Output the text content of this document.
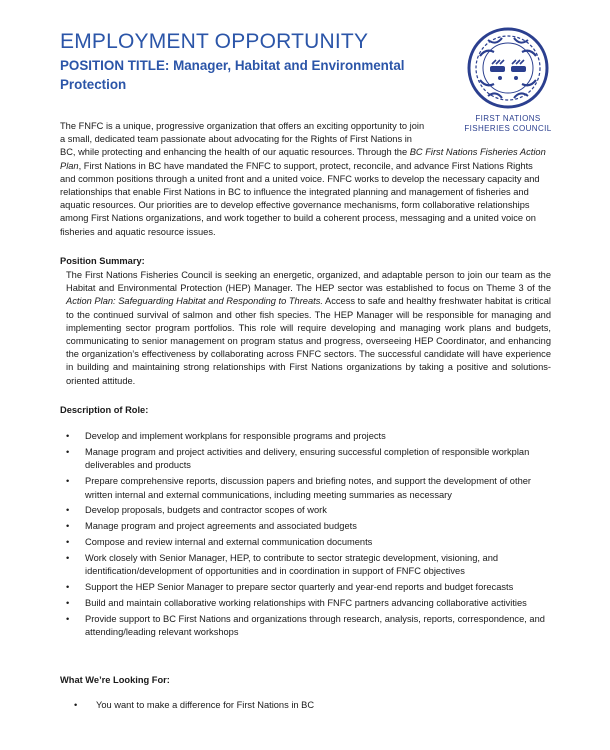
EMPLOYMENT OPPORTUNITY
POSITION TITLE: Manager, Habitat and Environmental Protection
FIRST NATIONS
FISHERIES COUNCIL
The FNFC is a unique, progressive organization that offers an exciting opportunity to join
a small, dedicated team passionate about advocating for the Rights of First Nations in
BC, while protecting and enhancing the health of our aquatic resources. Through the BC First Nations Fisheries Action Plan, First Nations in BC have mandated the FNFC to support, protect, reconcile, and advance First Nations Rights and common positions through a united front and a united voice. FNFC works to develop the necessary capacity and relationships that enable First Nations in BC to influence the integrated planning and management of fisheries and aquatic resources. Our priorities are to develop effective governance mechanisms, form collaborative relationships among First Nations organizations, and work together to build a coherent process, messaging and a united voice on fisheries and aquatic resource issues.
Position Summary:
The First Nations Fisheries Council is seeking an energetic, organized, and adaptable person to join our team as the Habitat and Environmental Protection (HEP) Manager. The HEP sector was established to focus on Theme 3 of the Action Plan: Safeguarding Habitat and Responding to Threats. Access to safe and healthy freshwater habitat is critical to the continued survival of salmon and other fish species. The HEP Manager will be responsible for managing and implementing sector program portfolios. This role will require developing and managing work plans and budgets, communicating to senior management on program status and progress, overseeing HEP Coordinator, and enhancing the organization’s effectiveness by collaborating across FNFC sectors. The successful candidate will have experience in building and maintaining strong relationships with First Nations organizations by taking a positive and solutions-oriented attitude.
Description of Role:
• Develop and implement workplans for responsible programs and projects
• Manage program and project activities and delivery, ensuring successful completion of responsible workplan deliverables and products
• Prepare comprehensive reports, discussion papers and briefing notes, and support the development of other written internal and external communications, including meeting summaries as necessary
• Develop proposals, budgets and contractor scopes of work
• Manage program and project agreements and associated budgets
• Compose and review internal and external communication documents
• Work closely with Senior Manager, HEP, to contribute to sector strategic development, visioning, and identification/development of opportunities and in coordination in support of FNFC objectives
• Support the HEP Senior Manager to prepare sector quarterly and year-end reports and budget forecasts
• Build and maintain collaborative working relationships with FNFC partners advancing collaborative activities
• Provide support to BC First Nations and organizations through research, analysis, reports, correspondence, and attending/leading relevant workshops
What We’re Looking For:
• You want to make a difference for First Nations in BC
